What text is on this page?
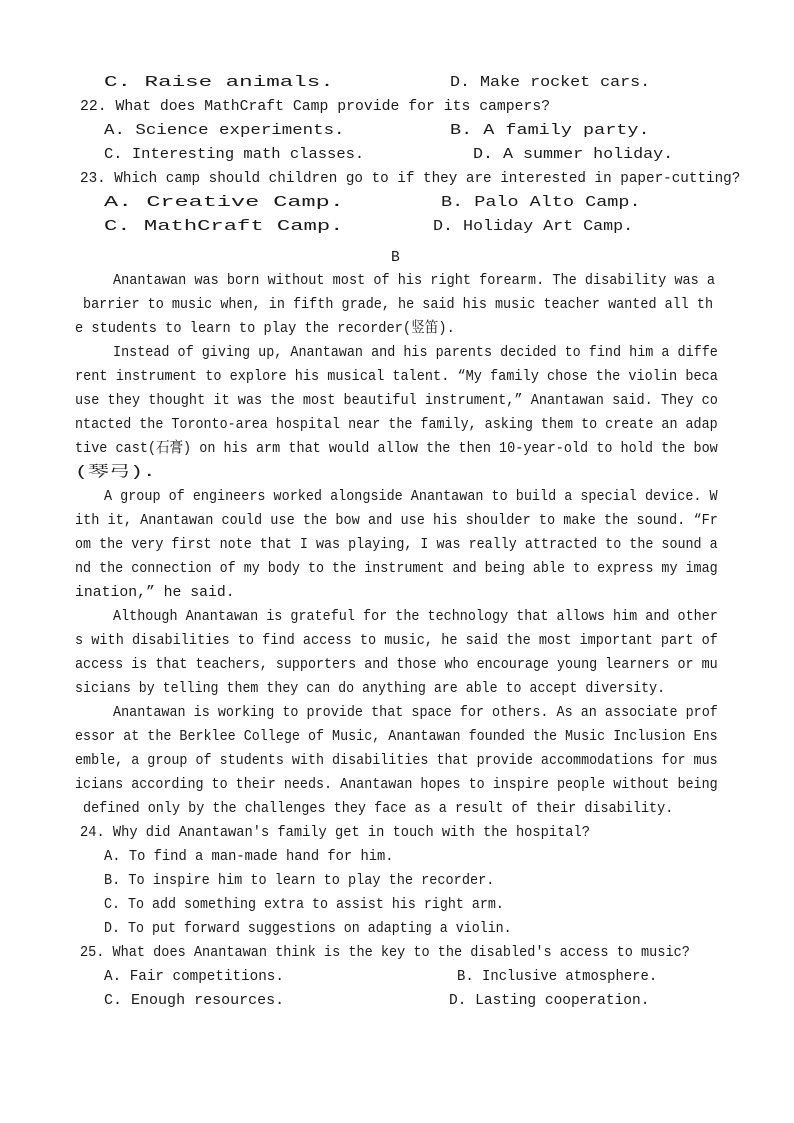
C. Raise animals.	D. Make rocket cars.
22. What does MathCraft Camp provide for its campers?
A. Science experiments.	B. A family party.
C. Interesting math classes.	D. A summer holiday.
23. Which camp should children go to if they are interested in paper-cutting?
A. Creative Camp.	B. Palo Alto Camp.
C. MathCraft Camp.	D. Holiday Art Camp.
B
Anantawan was born without most of his right forearm. The disability was a
barrier to music when, in fifth grade, he said his music teacher wanted all th
e students to learn to play the recorder(竖笛).
Instead of giving up, Anantawan and his parents decided to find him a diffe
rent instrument to explore his musical talent. “My family chose the violin beca
use they thought it was the most beautiful instrument,” Anantawan said. They co
ntacted the Toronto-area hospital near the family, asking them to create an adap
tive cast(石膏) on his arm that would allow the then 10-year-old to hold the bow
(琴弓).
A group of engineers worked alongside Anantawan to build a special device. W
ith it, Anantawan could use the bow and use his shoulder to make the sound. “Fr
om the very first note that I was playing, I was really attracted to the sound a
nd the connection of my body to the instrument and being able to express my imag
ination,” he said.
Although Anantawan is grateful for the technology that allows him and other
s with disabilities to find access to music, he said the most important part of
access is that teachers, supporters and those who encourage young learners or mu
sicians by telling them they can do anything are able to accept diversity.
Anantawan is working to provide that space for others. As an associate prof
essor at the Berklee College of Music, Anantawan founded the Music Inclusion Ens
emble, a group of students with disabilities that provide accommodations for mus
icians according to their needs. Anantawan hopes to inspire people without being
defined only by the challenges they face as a result of their disability.
24. Why did Anantawan's family get in touch with the hospital?
A. To find a man-made hand for him.
B. To inspire him to learn to play the recorder.
C. To add something extra to assist his right arm.
D. To put forward suggestions on adapting a violin.
25. What does Anantawan think is the key to the disabled's access to music?
A. Fair competitions.	B. Inclusive atmosphere.
C. Enough resources.	D. Lasting cooperation.
